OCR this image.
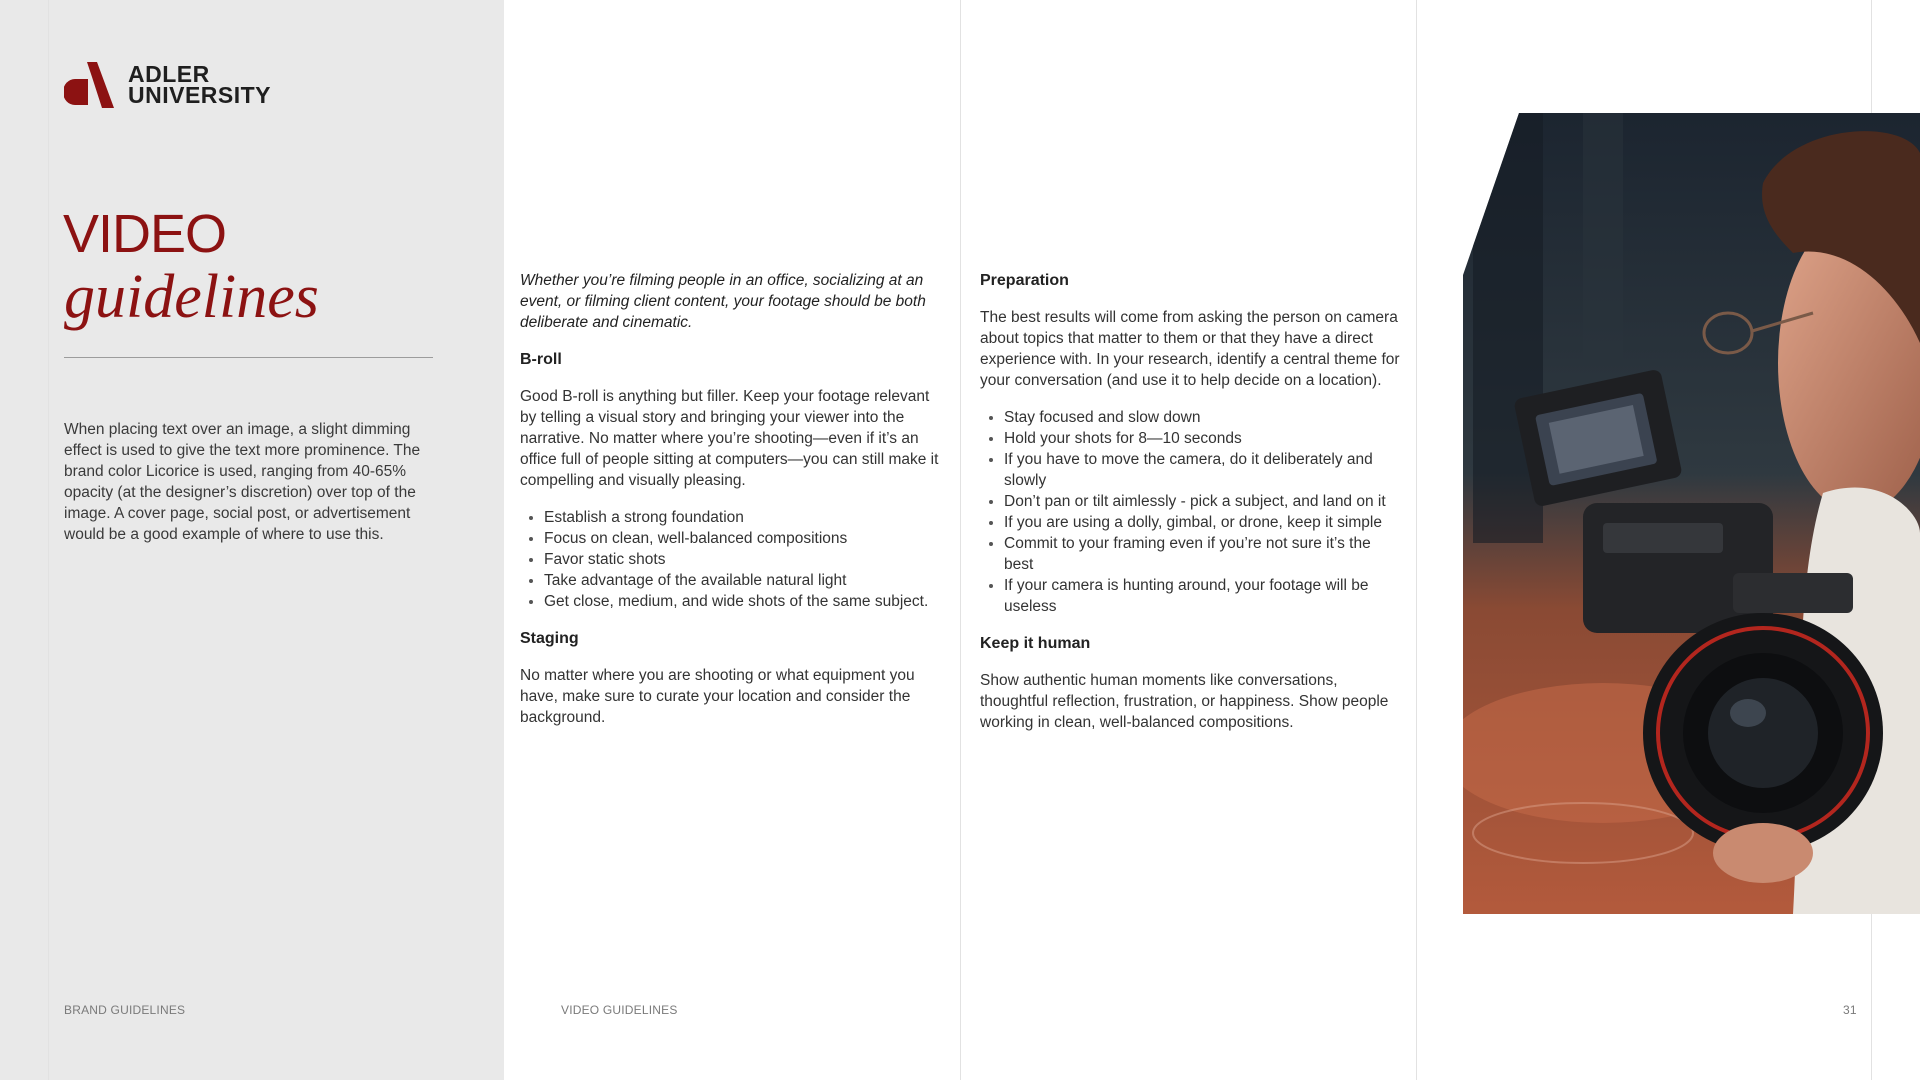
ADLER
UNIVERSITY
VIDEO
guidelines

When placing text over an image, a slight dimming effect is used to give the text more prominence. The brand color Licorice is used, ranging from 40-65% opacity (at the designer’s discretion) over top of the image. A cover page, social post, or advertisement would be a good example of where to use this.

Whether you’re filming people in an office, socializing at an event, or filming client content, your footage should be both deliberate and cinematic.

B-roll

Good B-roll is anything but filler. Keep your footage relevant by telling a visual story and bringing your viewer into the narrative. No matter where you’re shooting—even if it’s an office full of people sitting at computers—you can still make it compelling and visually pleasing.

Establish a strong foundation
Focus on clean, well-balanced compositions
Favor static shots
Take advantage of the available natural light
Get close, medium, and wide shots of the same subject.
Staging

No matter where you are shooting or what equipment you have, make sure to curate your location and consider the background.

Preparation

The best results will come from asking the person on camera about topics that matter to them or that they have a direct experience with. In your research, identify a central theme for your conversation (and use it to help decide on a location).

Stay focused and slow down
Hold your shots for 8—10 seconds
If you have to move the camera, do it deliberately and slowly
Don’t pan or tilt aimlessly - pick a subject, and land on it
If you are using a dolly, gimbal, or drone, keep it simple
Commit to your framing even if you’re not sure it’s the best
If your camera is hunting around, your footage will be useless
Keep it human

Show authentic human moments like conversations, thoughtful reflection, frustration, or happiness. Show people working in clean, well-balanced compositions.

BRAND GUIDELINES	VIDEO GUIDELINES	31
